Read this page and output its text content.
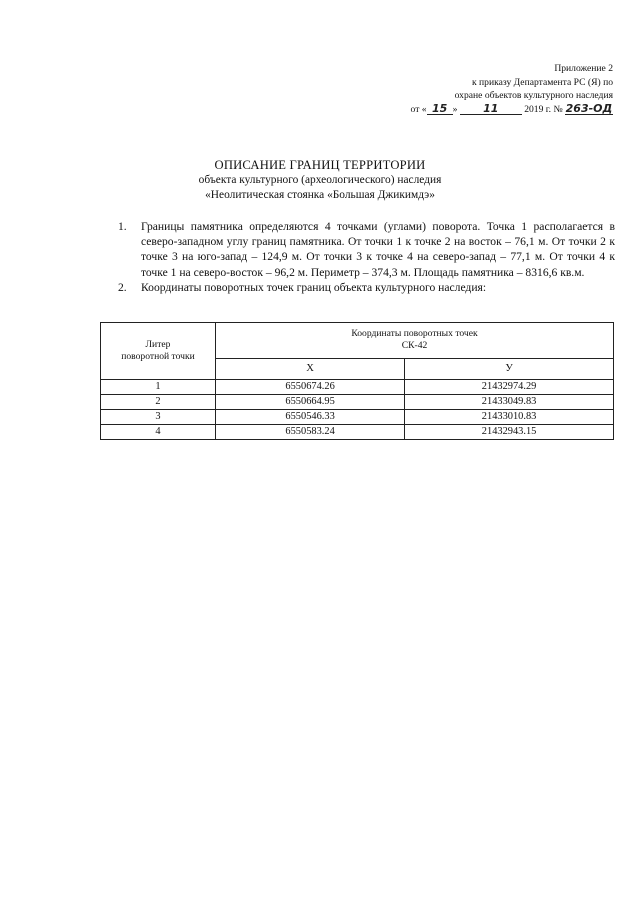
Приложение 2
к приказу Департамента РС (Я) по
охране объектов культурного наследия
от « 15 » 11	2019 г. № 263-ОД
ОПИСАНИЕ ГРАНИЦ ТЕРРИТОРИИ
объекта культурного (археологического) наследия
«Неолитическая стоянка «Большая Джикимдэ»
1. Границы памятника определяются 4 точками (углами) поворота. Точка 1 располагается в северо-западном углу границ памятника. От точки 1 к точке 2 на восток – 76,1 м. От точки 2 к точке 3 на юго-запад – 124,9 м. От точки 3 к точке 4 на северо-запад – 77,1 м. От точки 4 к точке 1 на северо-восток – 96,2 м. Периметр – 374,3 м. Площадь памятника – 8316,6 кв.м.
2. Координаты поворотных точек границ объекта культурного наследия:
Литер
поворотной точки	Координаты поворотных точек
СК-42	
	X	У
1	6550674.26	21432974.29
2	6550664.95	21433049.83
3	6550546.33	21433010.83
4	6550583.24	21432943.15
